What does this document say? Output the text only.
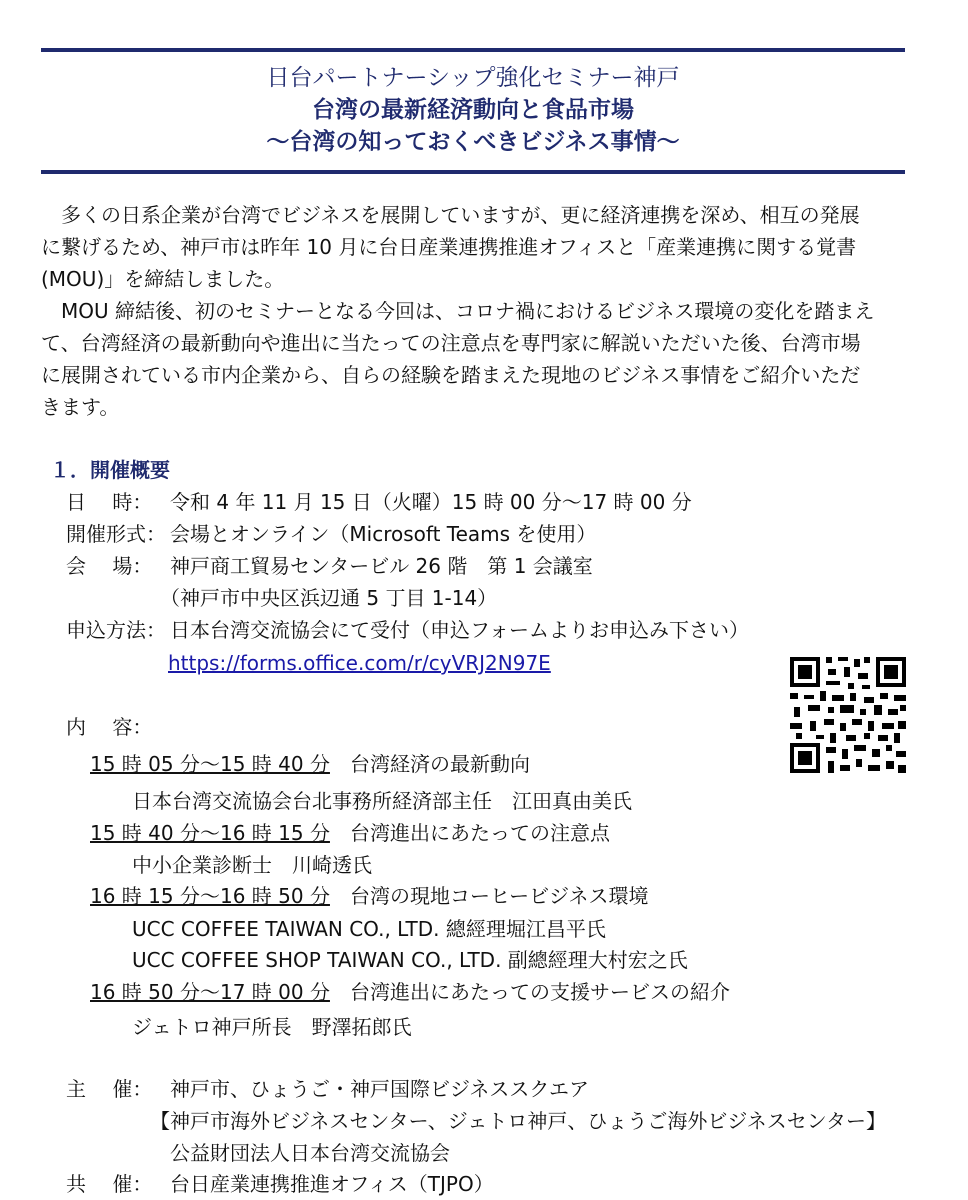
日台パートナーシップ強化セミナー神戸
台湾の最新経済動向と食品市場
～台湾の知っておくべきビジネス事情～

　多くの日系企業が台湾でビジネスを展開していますが、更に経済連携を深め、相互の発展

に繋げるため、神戸市は昨年 10 月に台日産業連携推進オフィスと「産業連携に関する覚書

(MOU)」を締結しました。

　MOU 締結後、初のセミナーとなる今回は、コロナ禍におけるビジネス環境の変化を踏まえ

て、台湾経済の最新動向や進出に当たっての注意点を専門家に解説いただいた後、台湾市場

に展開されている市内企業から、自らの経験を踏まえた現地のビジネス事情をご紹介いただ

きます。

１．開催概要
日　 時： 令和 4 年 11 月 15 日（火曜）15 時 00 分～17 時 00 分
開催形式： 会場とオンライン（Microsoft Teams を使用）
会　 場： 神戸商工貿易センタービル 26 階　第 1 会議室
（神戸市中央区浜辺通 5 丁目 1-14）
申込方法： 日本台湾交流協会にて受付（申込フォームよりお申込み下さい）
https://forms.office.com/r/cyVRJ2N97E
内　 容：
15 時 05 分～15 時 40 分　 台湾経済の最新動向
日本台湾交流協会台北事務所経済部主任　江田真由美氏
15 時 40 分～16 時 15 分　 台湾進出にあたっての注意点
中小企業診断士　川崎透氏
16 時 15 分～16 時 50 分　 台湾の現地コーヒービジネス環境
UCC COFFEE TAIWAN CO., LTD. 總經理堀江昌平氏
UCC COFFEE SHOP TAIWAN CO., LTD. 副總經理大村宏之氏
16 時 50 分～17 時 00 分　 台湾進出にあたっての支援サービスの紹介
ジェトロ神戸所長　野澤拓郎氏
主　 催： 神戸市、ひょうご・神戸国際ビジネススクエア
【神戸市海外ビジネスセンター、ジェトロ神戸、ひょうご海外ビジネスセンター】
公益財団法人日本台湾交流協会
共　 催： 台日産業連携推進オフィス（TJPO）
